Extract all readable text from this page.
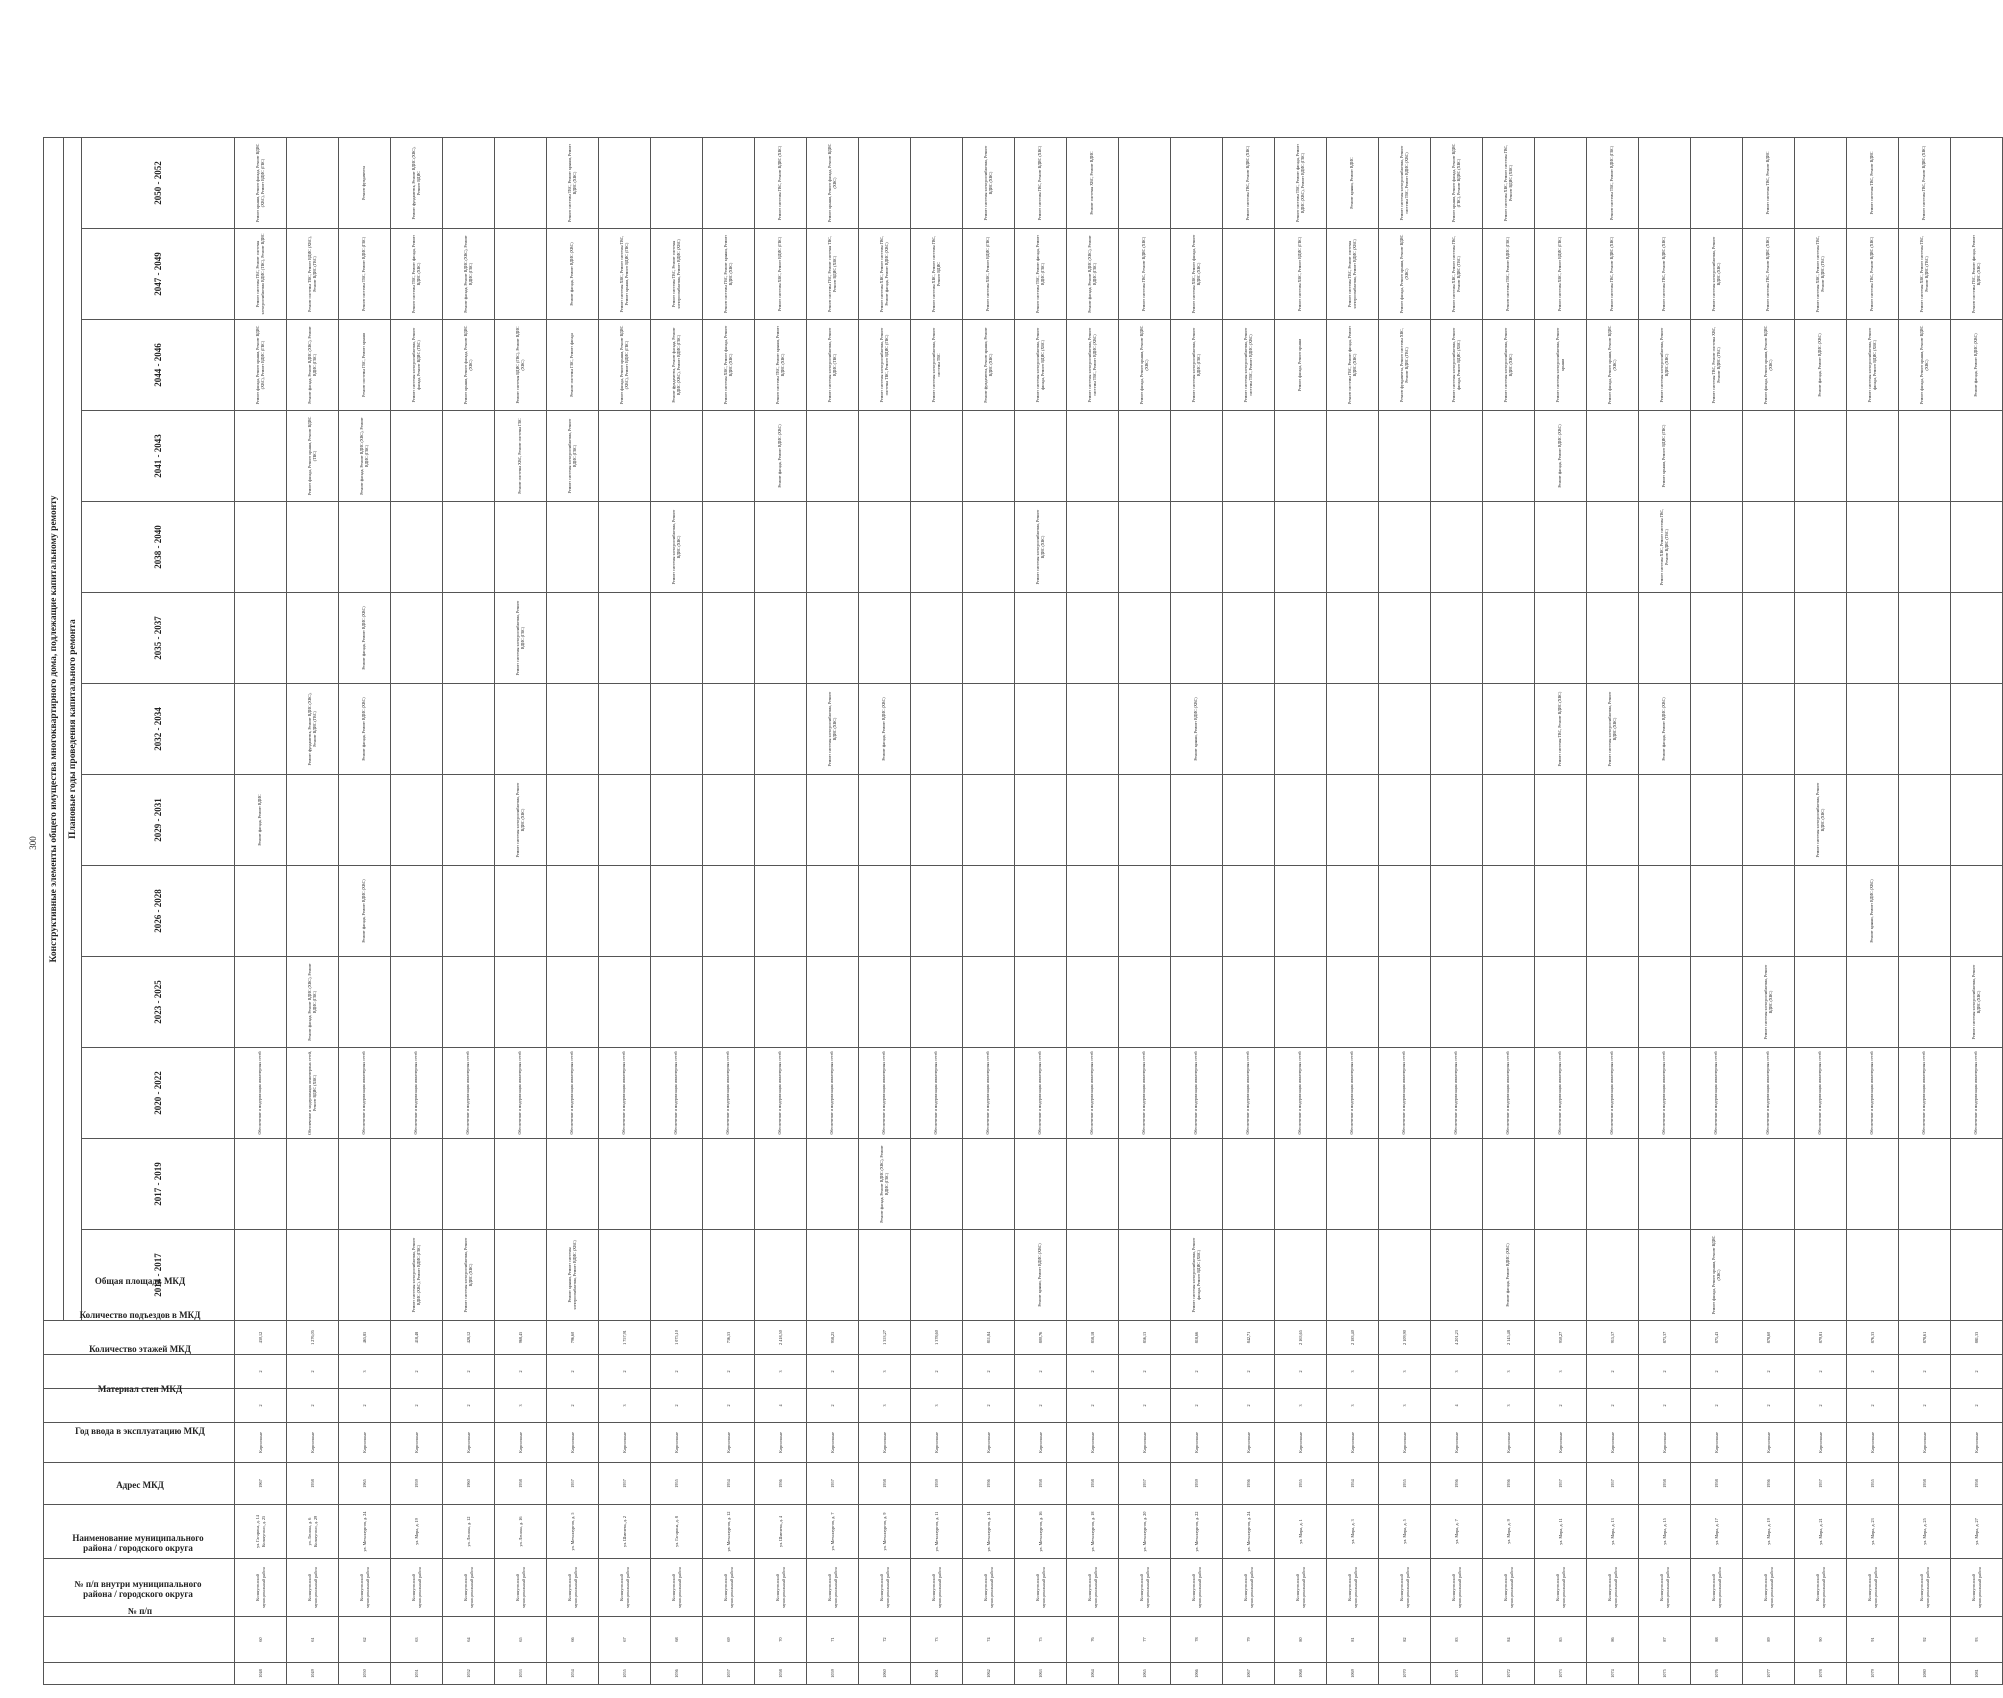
300
№ п/п	№ п/п внутри муниципального района / городского округа	Наименование муниципального района / городского округа	Адрес МКД	Год ввода в эксплуатацию МКД	Материал стен МКД	Количество этажей МКД	Количество подъездов в МКД	Общая площадь МКД	Конструктивные элементы общего имущества многоквартирного дома, подлежащие капитальному ремонту												
									Плановые годы проведения капитального ремонта												
									2014 - 2017	2017 - 2019	2020 - 2022	2023 - 2025	2026 - 2028	2029 - 2031	2032 - 2034	2035 - 2037	2038 - 2040	2041 - 2043	2044 - 2046	2047 - 2049	2050 - 2052
1048	60	Кольчугинский муниципальный район	ул. Гагарина, д. 14 Кольчугино, д. 25	1967	Кирпичные	2	2	430,12			Обеспечение и модернизация инженерных сетей			Ремонт фасада, Ремонт ВДИС					Ремонт фасада, Ремонт крыши, Ремонт ВДИС (ХВС), Ремонт ВДИС (ГВС)	Ремонт системы ТВС, Ремонт системы электроснабжения ВДИС (ТВС), Ремонт ВДИС	Ремонт крыши, Ремонт фасада, Ремонт ВДИС (ХВС), Ремонт ВДИС (ГВС)
1049	61	Кольчугинский муниципальный район	ул. Ленина, д. 6 Кольчугино, д. 29	1958	Кирпичные	2	2	1 276,05			Обеспечение и модернизация инженерных сетей, Ремонт ВДИС (ХВС)	Ремонт фасада, Ремонт ВДИС (ХВС), Ремонт ВДИС (ГВС)			Ремонт фундамента, Ремонт ВДИС (ХВС), Ремонт ВДИС (ГВС)			Ремонт фасада, Ремонт крыши, Ремонт ВДИС (ТВС)	Ремонт фасада, Ремонт ВДИС (ХВС), Ремонт ВДИС (ГВС)	Ремонт системы ТВС, Ремонт ВДИС (ХВС), Ремонт ВДИС (ГВС)	
1050	62	Кольчугинский муниципальный район	ул. Металлургов, д. 24	1965	Кирпичные	2	3	465,85			Обеспечение и модернизация инженерных сетей		Ремонт фасада, Ремонт ВДИС (ХВС)		Ремонт фасада, Ремонт ВДИС (ХВС)	Ремонт фасада, Ремонт ВДИС (ХВС)		Ремонт фасада, Ремонт ВДИС (ХВС), Ремонт ВДИС (ГВС)	Ремонт системы ГВС, Ремонт крыши	Ремонт системы ТВС, Ремонт ВДИС (ГВС)	Ремонт фундамента
1051	63	Кольчугинский муниципальный район	ул. Мира, д. 19	1959	Кирпичные	2	2	418,48	Ремонт системы электроснабжения, Ремонт ВДИС (ХВС), Ремонт ВДИС (ГВС)		Обеспечение и модернизация инженерных сетей								Ремонт системы электроснабжения, Ремонт фасада, Ремонт ВДИС (ТВС)	Ремонт системы ТВС, Ремонт фасада, Ремонт ВДИС (ХВС)	Ремонт фундамента, Ремонт ВДИС (ХВС), Ремонт ВДИС
1052	64	Кольчугинский муниципальный район	ул. Ленина, д. 12	1960	Кирпичные	2	2	428,12	Ремонт системы электроснабжения, Ремонт ВДИС (ХВС)		Обеспечение и модернизация инженерных сетей								Ремонт крыши, Ремонт фасада, Ремонт ВДИС (ХВС)	Ремонт фасада, Ремонт ВДИС (ХВС), Ремонт ВДИС (ГВС)	
1053	65	Кольчугинский муниципальный район	ул. Ленина, д. 16	1958	Кирпичные	3	2	968,45			Обеспечение и модернизация инженерных сетей			Ремонт системы электроснабжения, Ремонт ВДИС (ХВС)		Ремонт системы электроснабжения, Ремонт ВДИС (ГВС)		Ремонт системы ХВС, Ремонт системы ГВС	Ремонт системы ВДИС (ГВС), Ремонт ВДИС (ХВС)		
1054	66	Кольчугинский муниципальный район	ул. Металлургов, д. 5	1957	Кирпичные	2	2	796,60	Ремонт крыши, Ремонт системы электроснабжения, Ремонт ВДИС (ХВС)		Обеспечение и модернизация инженерных сетей							Ремонт системы электроснабжения, Ремонт ВДИС (ГВС)	Ремонт системы ГВС, Ремонт фасада	Ремонт фасада, Ремонт ВДИС (ХВС)	Ремонт системы ТВС, Ремонт крыши, Ремонт ВДИС (ХВС)
1055	67	Кольчугинский муниципальный район	ул. Шмелева, д. 2	1957	Кирпичные	3	2	1 757,91			Обеспечение и модернизация инженерных сетей								Ремонт фасада, Ремонт крыши, Ремонт ВДИС (ХВС), Ремонт ВДИС (ГВС)	Ремонт системы ХВС, Ремонт системы ТВС, Ремонт крыши, Ремонт ВДИС (ГВС)	
1056	68	Кольчугинский муниципальный район	ул. Гагарина, д. 8	1955	Кирпичные	2	2	1 075,10			Обеспечение и модернизация инженерных сетей						Ремонт системы электроснабжения, Ремонт ВДИС (ХВС)		Ремонт фундамента, Ремонт фасада, Ремонт ВДИС (ХВС), Ремонт ВДИС (ГВС)	Ремонт системы ТВС, Ремонт системы электроснабжения, Ремонт ВДИС (ХВС)	
1057	69	Кольчугинский муниципальный район	ул. Металлургов, д. 12	1954	Кирпичные	2	2	736,53			Обеспечение и модернизация инженерных сетей								Ремонт системы ХВС, Ремонт фасада, Ремонт ВДИС (ХВС)	Ремонт системы ГВС, Ремонт крыши, Ремонт ВДИС (ХВС)	
1058	70	Кольчугинский муниципальный район	ул. Шмелева, д. 4	1956	Кирпичные	4	3	2 418,50			Обеспечение и модернизация инженерных сетей							Ремонт фасада, Ремонт ВДИС (ХВС)	Ремонт системы ТВС, Ремонт крыши, Ремонт ВДИС (ХВС)	Ремонт системы ХВС, Ремонт ВДИС (ГВС)	Ремонт системы ГВС, Ремонт ВДИС (ХВС)
1059	71	Кольчугинский муниципальный район	ул. Металлургов, д. 7	1957	Кирпичные	2	2	958,25			Обеспечение и модернизация инженерных сетей				Ремонт системы электроснабжения, Ремонт ВДИС (ХВС)				Ремонт системы электроснабжения, Ремонт ВДИС (ТВС)	Ремонт системы ГВС, Ремонт системы ТВС, Ремонт ВДИС (ХВС)	Ремонт крыши, Ремонт фасада, Ремонт ВДИС (ХВС)
1060	72	Кольчугинский муниципальный район	ул. Металлургов, д. 9	1958	Кирпичные	3	3	1 353,27		Ремонт фасада, Ремонт ВДИС (ХВС), Ремонт ВДИС (ГВС)	Обеспечение и модернизация инженерных сетей				Ремонт фасада, Ремонт ВДИС (ХВС)				Ремонт системы электроснабжения, Ремонт системы ТВС, Ремонт ВДИС (ГВС)	Ремонт системы ХВС, Ремонт системы ГВС, Ремонт фасада, Ремонт ВДИС (ХВС)	
1061	73	Кольчугинский муниципальный район	ул. Металлургов, д. 11	1959	Кирпичные	3	2	1 378,60			Обеспечение и модернизация инженерных сетей								Ремонт системы электроснабжения, Ремонт системы ТВС	Ремонт системы ХВС, Ремонт системы ГВС, Ремонт ВДИС	
1062	74	Кольчугинский муниципальный район	ул. Металлургов, д. 14	1956	Кирпичные	2	2	811,84			Обеспечение и модернизация инженерных сетей								Ремонт фундамента, Ремонт крыши, Ремонт ВДИС (ХВС)	Ремонт системы ХВС, Ремонт ВДИС (ГВС)	Ремонт системы электроснабжения, Ремонт ВДИС (ХВС)
1063	75	Кольчугинский муниципальный район	ул. Металлургов, д. 16	1958	Кирпичные	2	2	800,76	Ремонт крыши, Ремонт ВДИС (ХВС)		Обеспечение и модернизация инженерных сетей						Ремонт системы электроснабжения, Ремонт ВДИС (ХВС)		Ремонт системы электроснабжения, Ремонт фасада, Ремонт ВДИС (ХВС)	Ремонт системы ТВС, Ремонт фасада, Ремонт ВДИС (ГВС)	Ремонт системы ГВС, Ремонт ВДИС (ХВС)
1064	76	Кольчугинский муниципальный район	ул. Металлургов, д. 18	1958	Кирпичные	2	2	858,18			Обеспечение и модернизация инженерных сетей								Ремонт системы электроснабжения, Ремонт системы ТВС, Ремонт ВДИС (ХВС)	Ремонт фасада, Ремонт ВДИС (ХВС), Ремонт ВДИС (ГВС)	Ремонт системы ХВС, Ремонт ВДИС
1065	77	Кольчугинский муниципальный район	ул. Металлургов, д. 20	1957	Кирпичные	2	2	856,13			Обеспечение и модернизация инженерных сетей								Ремонт фасада, Ремонт крыши, Ремонт ВДИС (ХВС)	Ремонт системы ГВС, Ремонт ВДИС (ХВС)	
1066	78	Кольчугинский муниципальный район	ул. Металлургов, д. 22	1959	Кирпичные	2	2	818,66	Ремонт системы электроснабжения, Ремонт фасада, Ремонт ВДИС (ХВС)		Обеспечение и модернизация инженерных сетей				Ремонт крыши, Ремонт ВДИС (ХВС)				Ремонт системы электроснабжения, Ремонт ВДИС (ГВС)	Ремонт системы ХВС, Ремонт фасада, Ремонт ВДИС (ХВС)	
1067	79	Кольчугинский муниципальный район	ул. Металлургов, д. 24	1956	Кирпичные	2	2	842,71			Обеспечение и модернизация инженерных сетей								Ремонт системы электроснабжения, Ремонт системы ТВС, Ремонт ВДИС (ХВС)		Ремонт системы ГВС, Ремонт ВДИС (ХВС)
1068	80	Кольчугинский муниципальный район	ул. Мира, д. 1	1955	Кирпичные	3	2	2 163,65			Обеспечение и модернизация инженерных сетей								Ремонт фасада, Ремонт крыши	Ремонт системы ХВС, Ремонт ВДИС (ГВС)	Ремонт системы ТВС, Ремонт фасада, Ремонт ВДИС (ХВС), Ремонт ВДИС (ГВС)
1069	81	Кольчугинский муниципальный район	ул. Мира, д. 3	1954	Кирпичные	3	3	2 183,40			Обеспечение и модернизация инженерных сетей								Ремонт системы ГВС, Ремонт фасада, Ремонт ВДИС (ХВС)	Ремонт системы ТВС, Ремонт системы электроснабжения, Ремонт ВДИС (ХВС)	Ремонт крыши, Ремонт ВДИС
1070	82	Кольчугинский муниципальный район	ул. Мира, д. 5	1955	Кирпичные	3	3	2 109,90			Обеспечение и модернизация инженерных сетей								Ремонт фундамента, Ремонт системы ХВС, Ремонт ВДИС (ГВС)	Ремонт фасада, Ремонт крыши, Ремонт ВДИС (ХВС)	Ремонт системы электроснабжения, Ремонт системы ТВС, Ремонт ВДИС (ХВС)
1071	83	Кольчугинский муниципальный район	ул. Мира, д. 7	1956	Кирпичные	4	3	4 201,23			Обеспечение и модернизация инженерных сетей								Ремонт системы электроснабжения, Ремонт фасада, Ремонт ВДИС (ХВС)	Ремонт системы ХВС, Ремонт системы ГВС, Ремонт ВДИС (ТВС)	Ремонт крыши, Ремонт фасада, Ремонт ВДИС (ГВС), Ремонт ВДИС (ХВС)
1072	84	Кольчугинский муниципальный район	ул. Мира, д. 9	1956	Кирпичные	3	3	2 145,48	Ремонт фасада, Ремонт ВДИС (ХВС)		Обеспечение и модернизация инженерных сетей								Ремонт системы электроснабжения, Ремонт ВДИС (ХВС)	Ремонт системы ТВС, Ремонт ВДИС (ГВС)	Ремонт системы ХВС, Ремонт системы ГВС, Ремонт ВДИС (ХВС)
1073	85	Кольчугинский муниципальный район	ул. Мира, д. 11	1957	Кирпичные	2	3	950,27			Обеспечение и модернизация инженерных сетей				Ремонт системы ТВС, Ремонт ВДИС (ХВС)			Ремонт фасада, Ремонт ВДИС (ХВС)	Ремонт системы электроснабжения, Ремонт крыши	Ремонт системы ХВС, Ремонт ВДИС (ГВС)	
1074	86	Кольчугинский муниципальный район	ул. Мира, д. 13	1957	Кирпичные	2	2	915,57			Обеспечение и модернизация инженерных сетей				Ремонт системы электроснабжения, Ремонт ВДИС (ХВС)				Ремонт фасада, Ремонт крыши, Ремонт ВДИС (ХВС)	Ремонт системы ГВС, Ремонт ВДИС (ХВС)	Ремонт системы ТВС, Ремонт ВДИС (ГВС)
1075	87	Кольчугинский муниципальный район	ул. Мира, д. 15	1958	Кирпичные	2	2	873,37			Обеспечение и модернизация инженерных сетей				Ремонт фасада, Ремонт ВДИС (ХВС)		Ремонт системы ХВС, Ремонт системы ГВС, Ремонт ВДИС (ТВС)	Ремонт крыши, Ремонт ВДИС (ГВС)	Ремонт системы электроснабжения, Ремонт ВДИС (ХВС)	Ремонт системы ГВС, Ремонт ВДИС (ХВС)	
1076	88	Кольчугинский муниципальный район	ул. Мира, д. 17	1958	Кирпичные	2	2	875,43	Ремонт фасада, Ремонт крыши, Ремонт ВДИС (ХВС)		Обеспечение и модернизация инженерных сетей								Ремонт системы ТВС, Ремонт системы ХВС, Ремонт ВДИС (ГВС)	Ремонт системы электроснабжения, Ремонт ВДИС (ХВС)	
1077	89	Кольчугинский муниципальный район	ул. Мира, д. 19	1956	Кирпичные	2	2	878,60			Обеспечение и модернизация инженерных сетей	Ремонт системы электроснабжения, Ремонт ВДИС (ХВС)							Ремонт фасада, Ремонт крыши, Ремонт ВДИС (ХВС)	Ремонт системы ГВС, Ремонт ВДИС (ХВС)	Ремонт системы ТВС, Ремонт ВДИС
1078	90	Кольчугинский муниципальный район	ул. Мира, д. 21	1957	Кирпичные	2	2	879,81			Обеспечение и модернизация инженерных сетей			Ремонт системы электроснабжения, Ремонт ВДИС (ХВС)					Ремонт фасада, Ремонт ВДИС (ХВС)	Ремонт системы ХВС, Ремонт системы ТВС, Ремонт ВДИС (ГВС)	
1079	91	Кольчугинский муниципальный район	ул. Мира, д. 23	1955	Кирпичные	2	2	876,33			Обеспечение и модернизация инженерных сетей		Ремонт крыши, Ремонт ВДИС (ХВС)						Ремонт системы электроснабжения, Ремонт фасада, Ремонт ВДИС (ХВС)	Ремонт системы ГВС, Ремонт ВДИС (ХВС)	Ремонт системы ТВС, Ремонт ВДИС
1080	92	Кольчугинский муниципальный район	ул. Мира, д. 25	1958	Кирпичные	2	2	878,61			Обеспечение и модернизация инженерных сетей								Ремонт фасада, Ремонт крыши, Ремонт ВДИС (ХВС)	Ремонт системы ХВС, Ремонт системы ТВС, Ремонт ВДИС (ГВС)	Ремонт системы ГВС, Ремонт ВДИС (ХВС)
1081	93	Кольчугинский муниципальный район	ул. Мира, д. 27	1958	Кирпичные	2	2	881,33			Обеспечение и модернизация инженерных сетей	Ремонт системы электроснабжения, Ремонт ВДИС (ХВС)							Ремонт фасада, Ремонт ВДИС (ХВС)	Ремонт системы ГВС, Ремонт фасада, Ремонт ВДИС (ХВС)	
